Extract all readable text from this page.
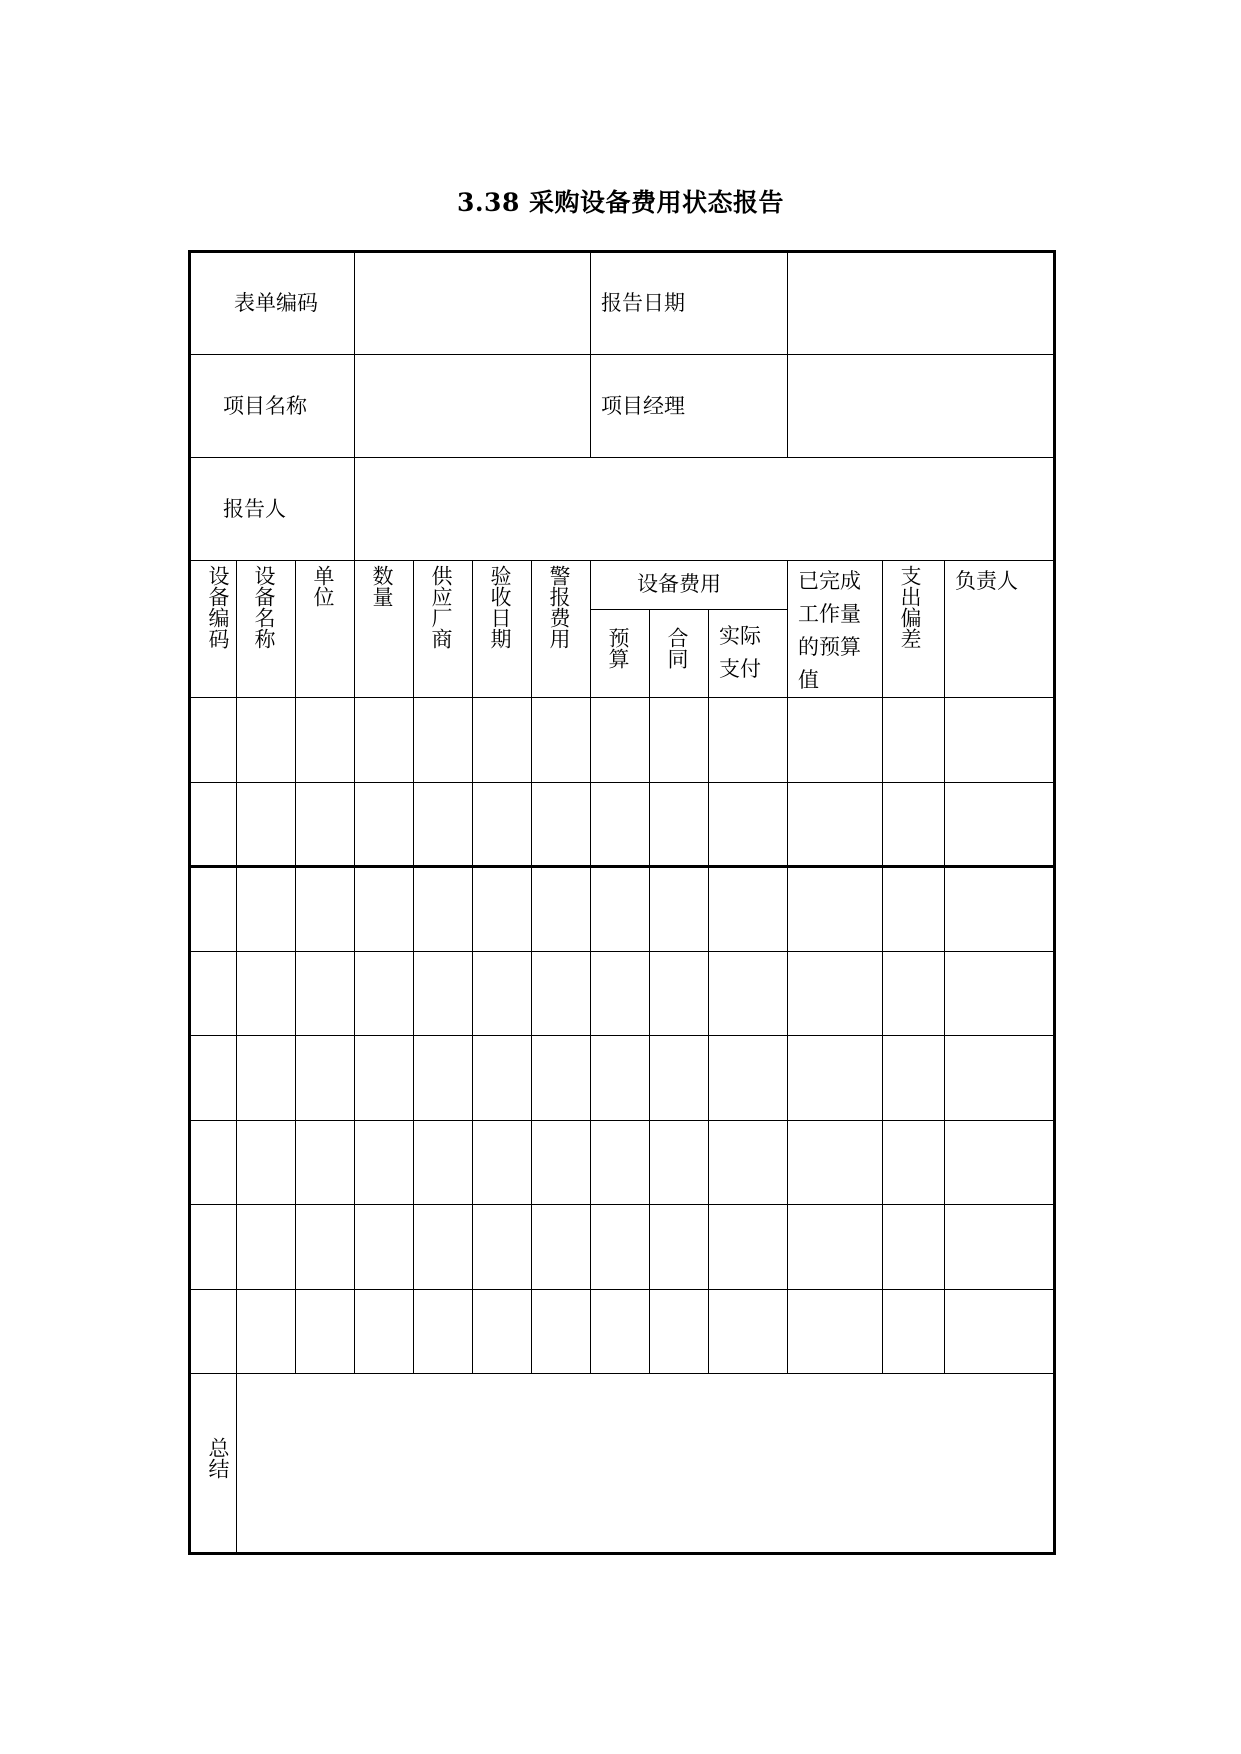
3.38 采购设备费用状态报告
表单编码							报告日期					
项目名称							项目经理					
报告人												
设备编码	设备名称	单位	数量	供应厂商	验收日期	警报费用	设备费用			已完成工作量的预算值	支出偏差	负责人
							预算	合同	实际支付			

总结												
